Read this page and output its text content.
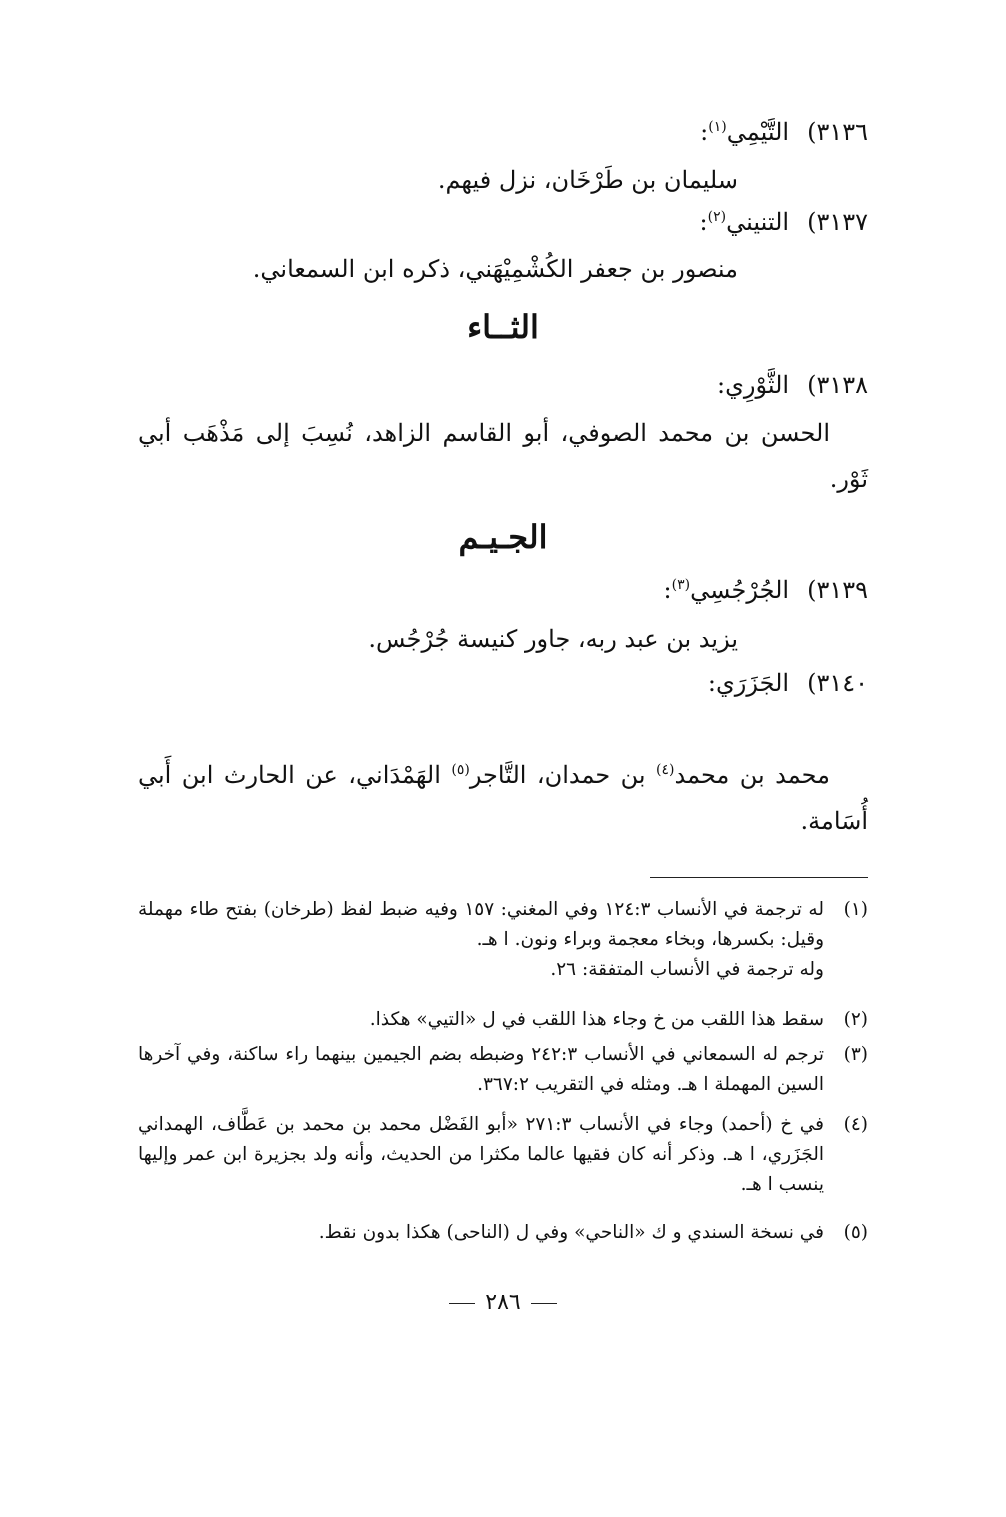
٣١٣٦)التَّيْمِي$^{(١)}$:
سليمان بن طَرْخَان، نزل فيهم.
٣١٣٧)التنيني$^{(٢)}$:
منصور بن جعفر الكُشْمِيْهَني، ذكره ابن السمعاني.
الثــاء
٣١٣٨)الثَّوْرِي:
الحسن بن محمد الصوفي، أبو القاسم الزاهد، نُسِبَ إلى مَذْهَب أبي ثَوْر.
الجـيـم
٣١٣٩)الجُرْجُسِي$^{(٣)}$:
يزيد بن عبد ربه، جاور كنيسة جُرْجُس.
٣١٤٠)الجَزَرَي:
محمد بن محمد$^{(٤)}$ بن حمدان، التَّاجر$^{(٥)}$ الهَمْدَاني، عن الحارث ابن أَبي أُسَامة.
(١)
له ترجمة في الأنساب ١٢٤:٣ وفي المغني: ١٥٧ وفيه ضبط لفظ (طرخان) بفتح طاء مهملة وقيل: بكسرها، وبخاء معجمة وبراء ونون. ا هـ.
وله ترجمة في الأنساب المتفقة: ٢٦.
(٢)
سقط هذا اللقب من خ وجاء هذا اللقب في ل «التيي» هكذا.
(٣)
ترجم له السمعاني في الأنساب ٢٤٢:٣ وضبطه بضم الجيمين بينهما راء ساكنة، وفي آخرها السين المهملة ا هـ. ومثله في التقريب ٣٦٧:٢.
(٤)
في خ (أحمد) وجاء في الأنساب ٢٧١:٣ «أبو الفَضْل محمد بن محمد بن عَطَّاف، الهمداني الجَزَري، ا هـ. وذكر أنه كان فقيها عالما مكثرا من الحديث، وأنه ولد بجزيرة ابن عمر وإليها ينسب ا هـ.
(٥)
في نسخة السندي و ك «الناحي» وفي ل (الناحى) هكذا بدون نقط.
٢٨٦
